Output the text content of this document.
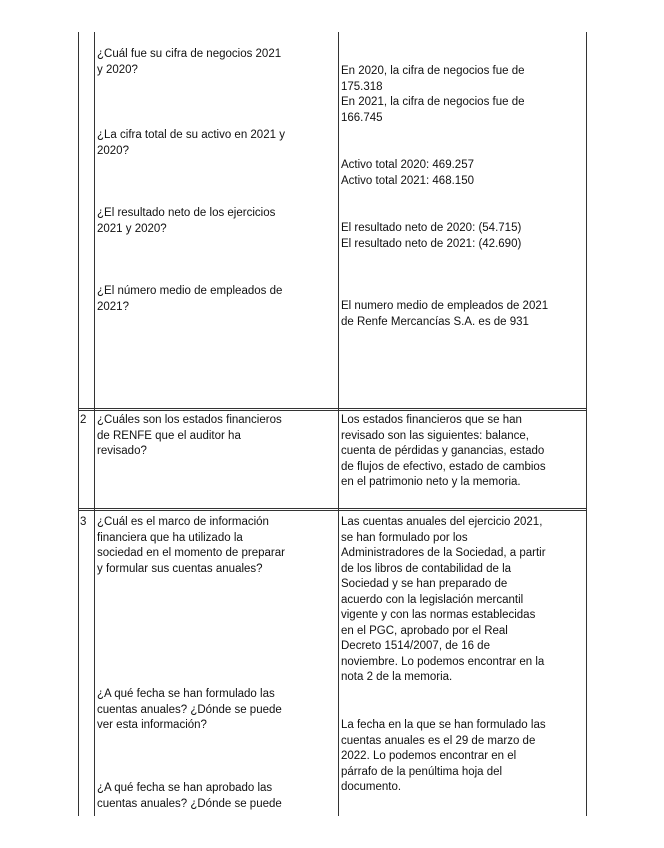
¿Cuál fue su cifra de negocios 2021
y 2020?
¿La cifra total de su activo en 2021 y
2020?
¿El resultado neto de los ejercicios
2021 y 2020?
¿El número medio de empleados de
2021?
En 2020, la cifra de negocios fue de
175.318
En 2021, la cifra de negocios fue de
166.745
Activo total 2020: 469.257
Activo total 2021: 468.150
El resultado neto de 2020: (54.715)
El resultado neto de 2021: (42.690)
El numero medio de empleados de 2021
de Renfe Mercancías S.A. es de 931
2 ¿Cuáles son los estados financieros
de RENFE que el auditor ha
revisado?
Los estados financieros que se han
revisado son las siguientes: balance,
cuenta de pérdidas y ganancias, estado
de flujos de efectivo, estado de cambios
en el patrimonio neto y la memoria.
3 ¿Cuál es el marco de información
financiera que ha utilizado la
sociedad en el momento de preparar
y formular sus cuentas anuales?
Las cuentas anuales del ejercicio 2021,
se han formulado por los
Administradores de la Sociedad, a partir
de los libros de contabilidad de la
Sociedad y se han preparado de
acuerdo con la legislación mercantil
vigente y con las normas establecidas
en el PGC, aprobado por el Real
Decreto 1514/2007, de 16 de
noviembre. Lo podemos encontrar en la
nota 2 de la memoria.
¿A qué fecha se han formulado las
cuentas anuales? ¿Dónde se puede
ver esta información?	La fecha en la que se han formulado las
cuentas anuales es el 29 de marzo de
2022. Lo podemos encontrar en el
párrafo de la penúltima hoja del
documento.
¿A qué fecha se han aprobado las
cuentas anuales? ¿Dónde se puede
